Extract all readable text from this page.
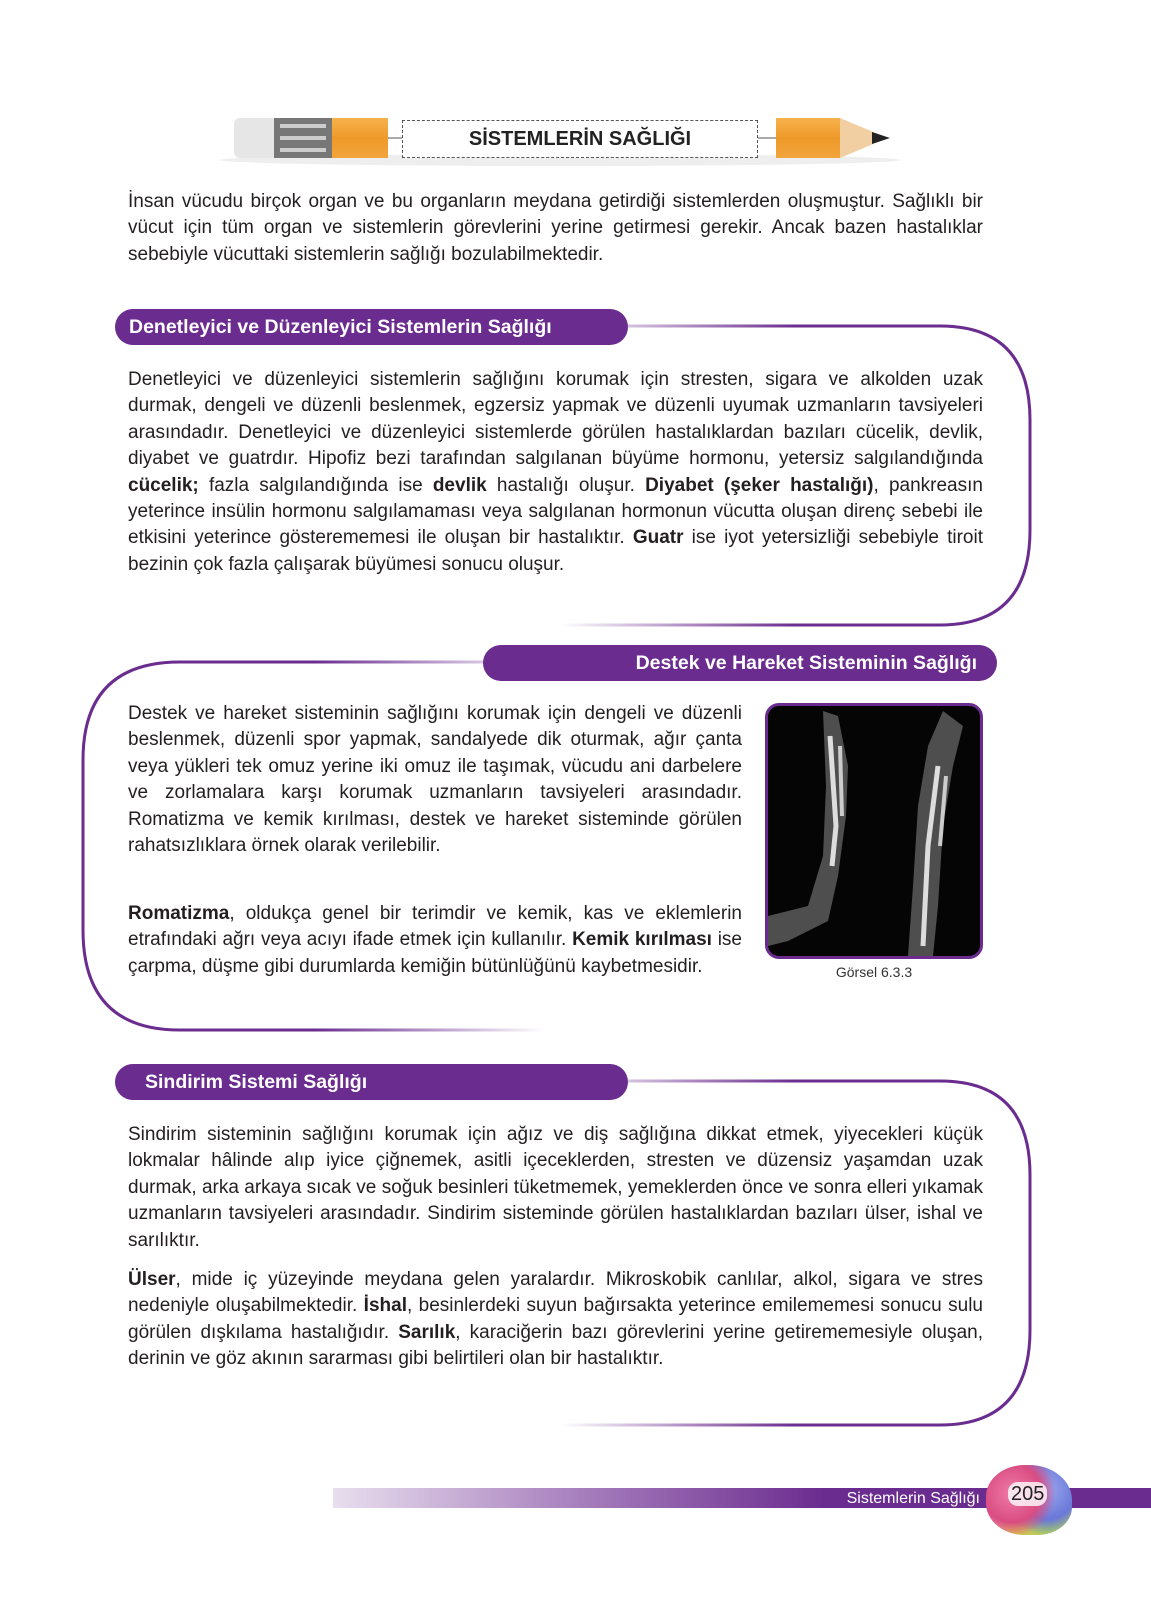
SİSTEMLERİN SAĞLIĞI

İnsan vücudu birçok organ ve bu organların meydana getirdiği sistemlerden oluşmuştur. Sağlıklı bir vücut için tüm organ ve sistemlerin görevlerini yerine getirmesi gerekir. Ancak bazen hastalıklar sebebiyle vücuttaki sistemlerin sağlığı bozulabilmektedir.

Denetleyici ve Düzenleyici Sistemlerin Sağlığı

Denetleyici ve düzenleyici sistemlerin sağlığını korumak için stresten, sigara ve alkolden uzak durmak, dengeli ve düzenli beslenmek, egzersiz yapmak ve düzenli uyumak uzmanların tavsiyeleri arasındadır. Denetleyici ve düzenleyici sistemlerde görülen hastalıklardan bazıları cücelik, devlik, diyabet ve guatrdır. Hipofiz bezi tarafından salgılanan büyüme hormonu, yetersiz salgılandığında cücelik; fazla salgılandığında ise devlik hastalığı oluşur. Diyabet (şeker hastalığı), pankreasın yeterince insülin hormonu salgılamaması veya salgılanan hormonun vücutta oluşan direnç sebebi ile etkisini yeterince gösterememesi ile oluşan bir hastalıktır. Guatr ise iyot yetersizliği sebebiyle tiroit bezinin çok fazla çalışarak büyümesi sonucu oluşur.

Destek ve Hareket Sisteminin Sağlığı

Destek ve hareket sisteminin sağlığını korumak için dengeli ve düzenli beslenmek, düzenli spor yapmak, sandalyede dik oturmak, ağır çanta veya yükleri tek omuz yerine iki omuz ile taşımak, vücudu ani darbelere ve zorlamalara karşı korumak uzmanların tavsiyeleri arasındadır. Romatizma ve kemik kırılması, destek ve hareket sisteminde görülen rahatsızlıklara örnek olarak verilebilir.

Romatizma, oldukça genel bir terimdir ve kemik, kas ve eklemlerin etrafındaki ağrı veya acıyı ifade etmek için kullanılır. Kemik kırılması ise çarpma, düşme gibi durumlarda kemiğin bütünlüğünü kaybetmesidir.	Görsel 6.3.3
Sindirim Sistemi Sağlığı

Sindirim sisteminin sağlığını korumak için ağız ve diş sağlığına dikkat etmek, yiyecekleri küçük lokmalar hâlinde alıp iyice çiğnemek, asitli içeceklerden, stresten ve düzensiz yaşamdan uzak durmak, arka arkaya sıcak ve soğuk besinleri tüketmemek, yemeklerden önce ve sonra elleri yıkamak uzmanların tavsiyeleri arasındadır. Sindirim sisteminde görülen hastalıklardan bazıları ülser, ishal ve sarılıktır.

Ülser, mide iç yüzeyinde meydana gelen yaralardır. Mikroskobik canlılar, alkol, sigara ve stres nedeniyle oluşabilmektedir. İshal, besinlerdeki suyun bağırsakta yeterince emilememesi sonucu sulu görülen dışkılama hastalığıdır. Sarılık, karaciğerin bazı görevlerini yerine getirememesiyle oluşan, derinin ve göz akının sararması gibi belirtileri olan bir hastalıktır.

Sistemlerin Sağlığı 205
